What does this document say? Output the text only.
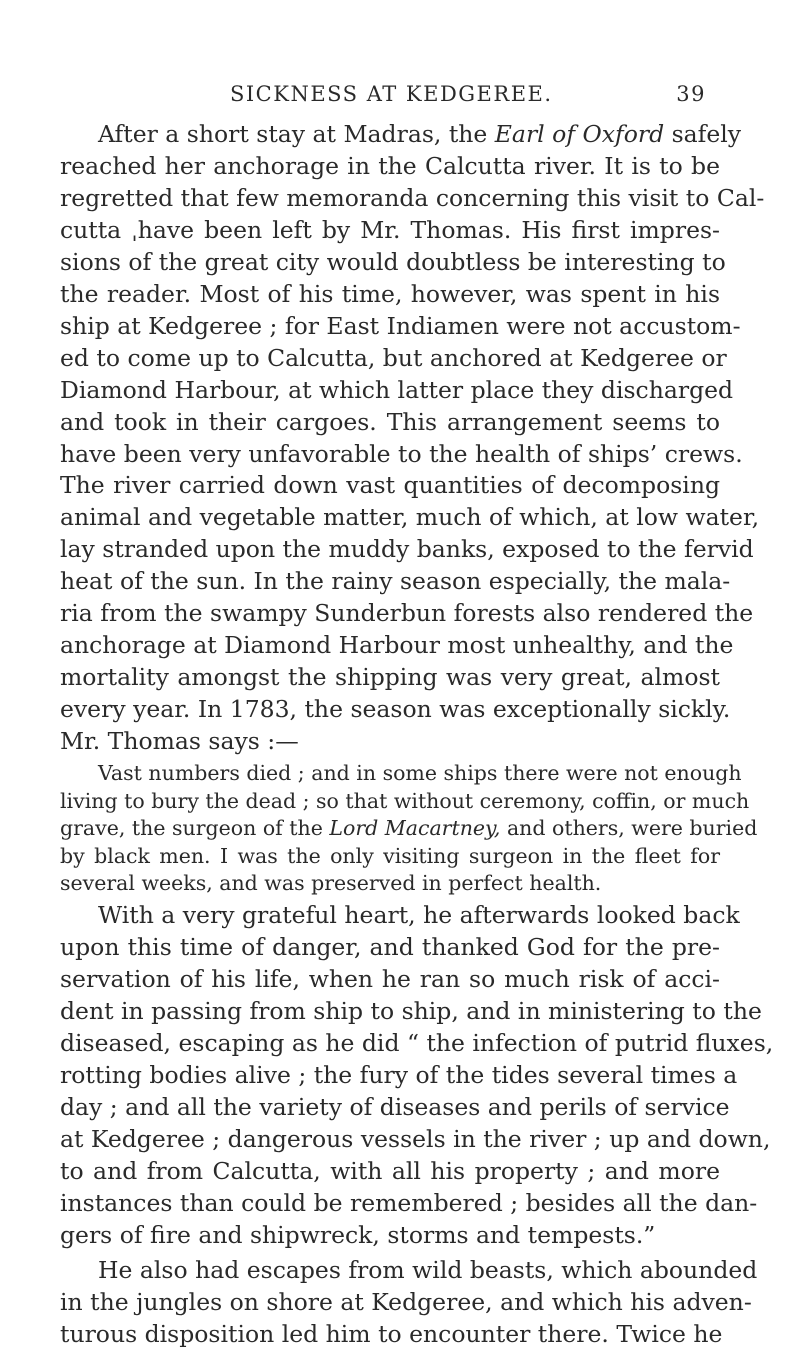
SICKNESS AT KEDGEREE.	39
After a short stay at Madras, the Earl of Oxford safely
reached her anchorage in the Calcutta river. It is to be
regretted that few memoranda concerning this visit to Cal-
cutta ˌhave been left by Mr. Thomas. His first impres-
sions of the great city would doubtless be interesting to
the reader. Most of his time, however, was spent in his
ship at Kedgeree ; for East Indiamen were not accustom-
ed to come up to Calcutta, but anchored at Kedgeree or
Diamond Harbour, at which latter place they discharged
and took in their cargoes. This arrangement seems to
have been very unfavorable to the health of ships’ crews.
The river carried down vast quantities of decomposing
animal and vegetable matter, much of which, at low water,
lay stranded upon the muddy banks, exposed to the fervid
heat of the sun. In the rainy season especially, the mala-
ria from the swampy Sunderbun forests also rendered the
anchorage at Diamond Harbour most unhealthy, and the
mortality amongst the shipping was very great, almost
every year. In 1783, the season was exceptionally sickly.
Mr. Thomas says :—
Vast numbers died ; and in some ships there were not enough
living to bury the dead ; so that without ceremony, coffin, or much
grave, the surgeon of the Lord Macartney, and others, were buried
by black men. I was the only visiting surgeon in the fleet for
several weeks, and was preserved in perfect health.
With a very grateful heart, he afterwards looked back
upon this time of danger, and thanked God for the pre-
servation of his life, when he ran so much risk of acci-
dent in passing from ship to ship, and in ministering to the
diseased, escaping as he did “ the infection of putrid fluxes,
rotting bodies alive ; the fury of the tides several times a
day ; and all the variety of diseases and perils of service
at Kedgeree ; dangerous vessels in the river ; up and down,
to and from Calcutta, with all his property ; and more
instances than could be remembered ; besides all the dan-
gers of fire and shipwreck, storms and tempests.”
He also had escapes from wild beasts, which abounded
in the jungles on shore at Kedgeree, and which his adven-
turous disposition led him to encounter there. Twice he
